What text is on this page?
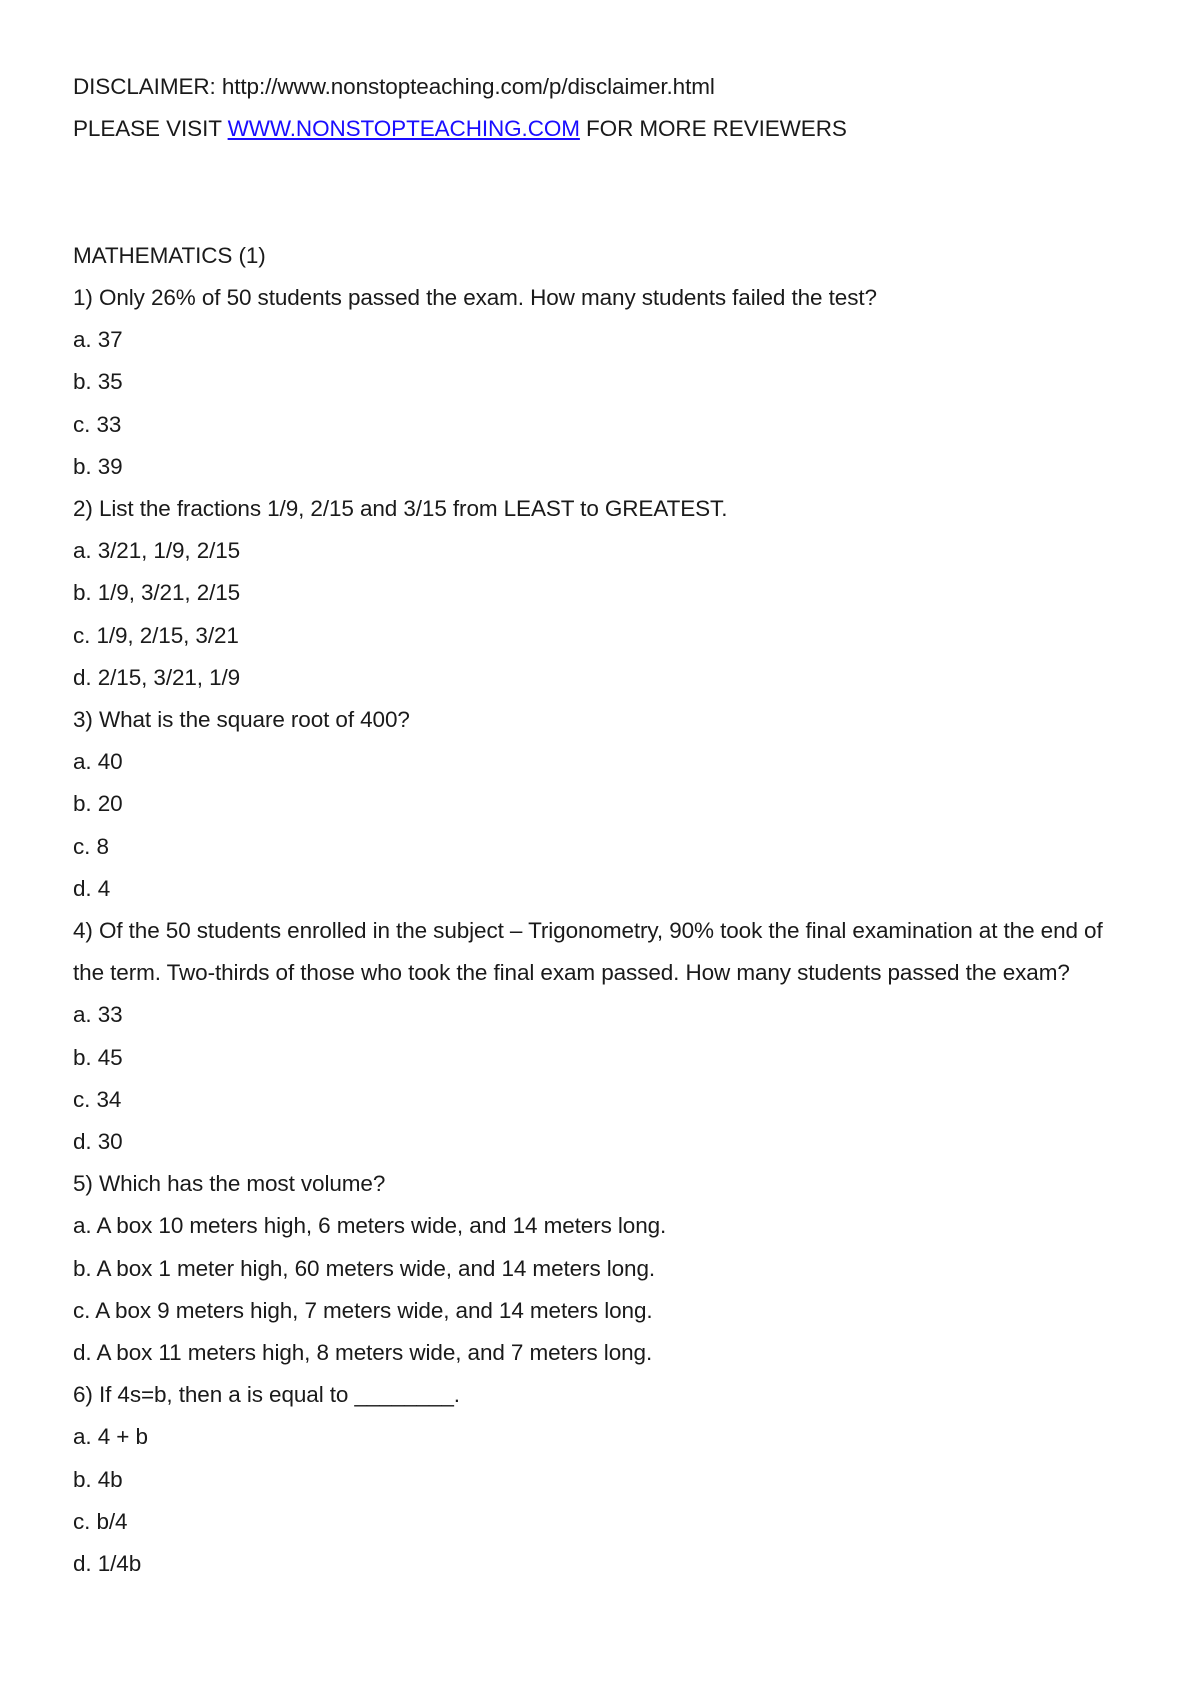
DISCLAIMER: http://www.nonstopteaching.com/p/disclaimer.html
PLEASE VISIT WWW.NONSTOPTEACHING.COM FOR MORE REVIEWERS
MATHEMATICS (1)
1) Only 26% of 50 students passed the exam. How many students failed the test?
a. 37
b. 35
c. 33
b. 39
2) List the fractions 1/9, 2/15 and 3/15 from LEAST to GREATEST.
a. 3/21, 1/9, 2/15
b. 1/9, 3/21, 2/15
c. 1/9, 2/15, 3/21
d. 2/15, 3/21, 1/9
3) What is the square root of 400?
a. 40
b. 20
c. 8
d. 4
4) Of the 50 students enrolled in the subject – Trigonometry, 90% took the final examination at the end of the term. Two-thirds of those who took the final exam passed. How many students passed the exam?
a. 33
b. 45
c. 34
d. 30
5) Which has the most volume?
a. A box 10 meters high, 6 meters wide, and 14 meters long.
b. A box 1 meter high, 60 meters wide, and 14 meters long.
c. A box 9 meters high, 7 meters wide, and 14 meters long.
d. A box 11 meters high, 8 meters wide, and 7 meters long.
6) If 4s=b, then a is equal to ________.
a. 4 + b
b. 4b
c. b/4
d. 1/4b
